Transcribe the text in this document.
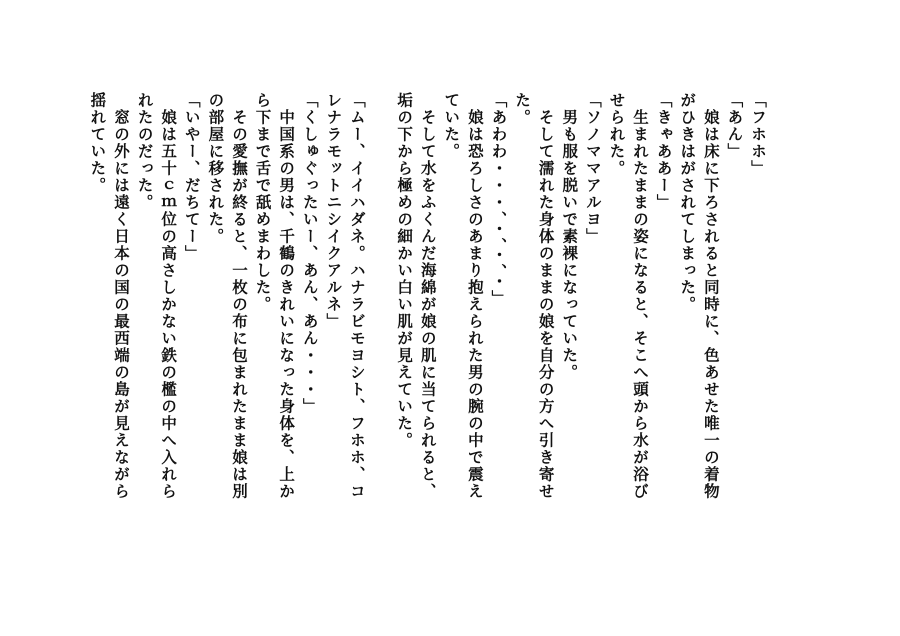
「フホホ」
「あん」
　娘は床に下ろされると同時に、色あせた唯一の着物
がひきはがされてしまった。
「きゃああー」
　生まれたままの姿になると、そこへ頭から水が浴び
せられた。
「ソノママアルヨ」
　男も服を脱いで素裸になっていた。
　そして濡れた身体のままの娘を自分の方へ引き寄せ
た。
「あわわ・・・、・、・、・」
　娘は恐ろしさのあまり抱えられた男の腕の中で震え
ていた。
　そして水をふくんだ海綿が娘の肌に当てられると、
垢の下から極めの細かい白い肌が見えていた。
「ムー、イイハダネ。ハナラビモヨシト、フホホ、コ
レナラモットニシイクアルネ」
「くしゅぐったいー、あん、あん・・・」
　中国系の男は、千鶴のきれいになった身体を、上か
ら下まで舌で舐めまわした。
　その愛撫が終ると、一枚の布に包まれたまま娘は別
の部屋に移された。
「いやー、だちてー」
　娘は五十ｃｍ位の高さしかない鉄の檻の中へ入れら
れたのだった。
　窓の外には遠く日本の国の最西端の島が見えながら
揺れていた。
